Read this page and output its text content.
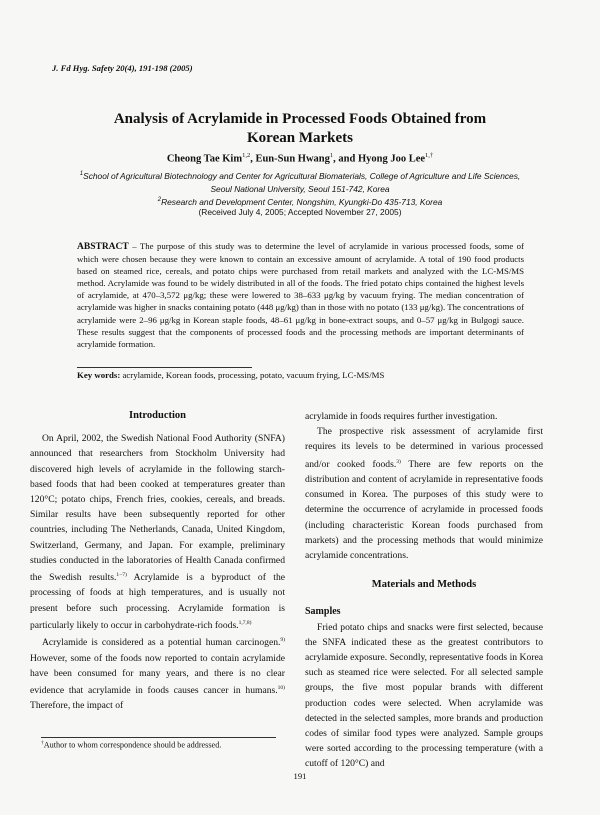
J. Fd Hyg. Safety 20(4), 191-198 (2005)
Analysis of Acrylamide in Processed Foods Obtained from
Korean Markets
Cheong Tae Kim$^{1,2}$, Eun-Sun Hwang$^1$, and Hyong Joo Lee$^{1,\dagger}$
$^1$School of Agricultural Biotechnology and Center for Agricultural Biomaterials, College of Agriculture and Life Sciences,
Seoul National University, Seoul 151-742, Korea
$^2$Research and Development Center, Nongshim, Kyungki-Do 435-713, Korea
(Received July 4, 2005; Accepted November 27, 2005)
ABSTRACT – The purpose of this study was to determine the level of acrylamide in various processed foods, some of which were chosen because they were known to contain an excessive amount of acrylamide. A total of 190 food products based on steamed rice, cereals, and potato chips were purchased from retail markets and analyzed with the LC-MS/MS method. Acrylamide was found to be widely distributed in all of the foods. The fried potato chips contained the highest levels of acrylamide, at 470–3,572 μg/kg; these were lowered to 38–633 μg/kg by vacuum frying. The median concentration of acrylamide was higher in snacks containing potato (448 μg/kg) than in those with no potato (133 μg/kg). The concentrations of acrylamide were 2–96 μg/kg in Korean staple foods, 48–61 μg/kg in bone-extract soups, and 0–57 μg/kg in Bulgogi sauce. These results suggest that the components of processed foods and the processing methods are important determinants of acrylamide formation.
Key words: acrylamide, Korean foods, processing, potato, vacuum frying, LC-MS/MS
Introduction

On April, 2002, the Swedish National Food Authority (SNFA) announced that researchers from Stockholm University had discovered high levels of acrylamide in the following starch-based foods that had been cooked at temperatures greater than 120°C; potato chips, French fries, cookies, cereals, and breads. Similar results have been subsequently reported for other countries, including The Netherlands, Canada, United Kingdom, Switzerland, Germany, and Japan. For example, preliminary studies conducted in the laboratories of Health Canada confirmed the Swedish results.$^{1-7)}$ Acrylamide is a byproduct of the processing of foods at high temperatures, and is usually not present before such processing. Acrylamide formation is particularly likely to occur in carbohydrate-rich foods.$^{1,7,8)}$

Acrylamide is considered as a potential human carcinogen.$^{9)}$ However, some of the foods now reported to contain acrylamide have been consumed for many years, and there is no clear evidence that acrylamide in foods causes cancer in humans.$^{10)}$ Therefore, the impact of

acrylamide in foods requires further investigation.

The prospective risk assessment of acrylamide first requires its levels to be determined in various processed and/or cooked foods.$^{3)}$ There are few reports on the distribution and content of acrylamide in representative foods consumed in Korea. The purposes of this study were to determine the occurrence of acrylamide in processed foods (including characteristic Korean foods purchased from markets) and the processing methods that would minimize acrylamide concentrations.

Materials and Methods
Samples

Fried potato chips and snacks were first selected, because the SNFA indicated these as the greatest contributors to acrylamide exposure. Secondly, representative foods in Korea such as steamed rice were selected. For all selected sample groups, the five most popular brands with different production codes were selected. When acrylamide was detected in the selected samples, more brands and production codes of similar food types were analyzed. Sample groups were sorted according to the processing temperature (with a cutoff of 120°C) and

†Author to whom correspondence should be addressed.
191
